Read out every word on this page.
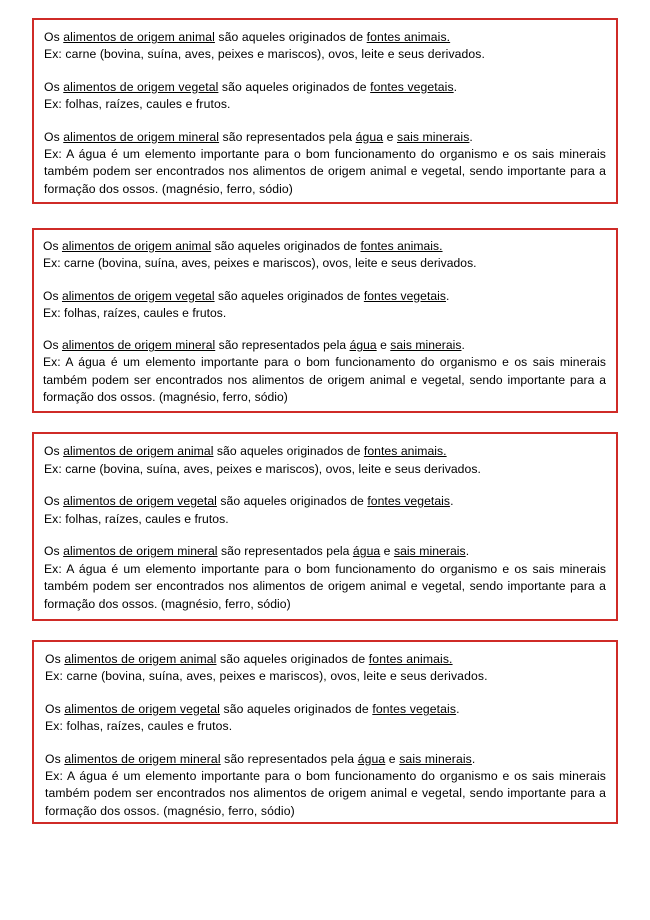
Os alimentos de origem animal são aqueles originados de fontes animais.

Ex: carne (bovina, suína, aves, peixes e mariscos), ovos, leite e seus derivados.

Os alimentos de origem vegetal são aqueles originados de fontes vegetais.

Ex: folhas, raízes, caules e frutos.

Os alimentos de origem mineral são representados pela água e sais minerais.

Ex: A água é um elemento importante para o bom funcionamento do organismo e os sais minerais também podem ser encontrados nos alimentos de origem animal e vegetal, sendo importante para a formação dos ossos. (magnésio, ferro, sódio)

Os alimentos de origem animal são aqueles originados de fontes animais.

Ex: carne (bovina, suína, aves, peixes e mariscos), ovos, leite e seus derivados.

Os alimentos de origem vegetal são aqueles originados de fontes vegetais.

Ex: folhas, raízes, caules e frutos.

Os alimentos de origem mineral são representados pela água e sais minerais.

Ex: A água é um elemento importante para o bom funcionamento do organismo e os sais minerais também podem ser encontrados nos alimentos de origem animal e vegetal, sendo importante para a formação dos ossos. (magnésio, ferro, sódio)

Os alimentos de origem animal são aqueles originados de fontes animais.

Ex: carne (bovina, suína, aves, peixes e mariscos), ovos, leite e seus derivados.

Os alimentos de origem vegetal são aqueles originados de fontes vegetais.

Ex: folhas, raízes, caules e frutos.

Os alimentos de origem mineral são representados pela água e sais minerais.

Ex: A água é um elemento importante para o bom funcionamento do organismo e os sais minerais também podem ser encontrados nos alimentos de origem animal e vegetal, sendo importante para a formação dos ossos. (magnésio, ferro, sódio)

Os alimentos de origem animal são aqueles originados de fontes animais.

Ex: carne (bovina, suína, aves, peixes e mariscos), ovos, leite e seus derivados.

Os alimentos de origem vegetal são aqueles originados de fontes vegetais.

Ex: folhas, raízes, caules e frutos.

Os alimentos de origem mineral são representados pela água e sais minerais.

Ex: A água é um elemento importante para o bom funcionamento do organismo e os sais minerais também podem ser encontrados nos alimentos de origem animal e vegetal, sendo importante para a formação dos ossos. (magnésio, ferro, sódio)
